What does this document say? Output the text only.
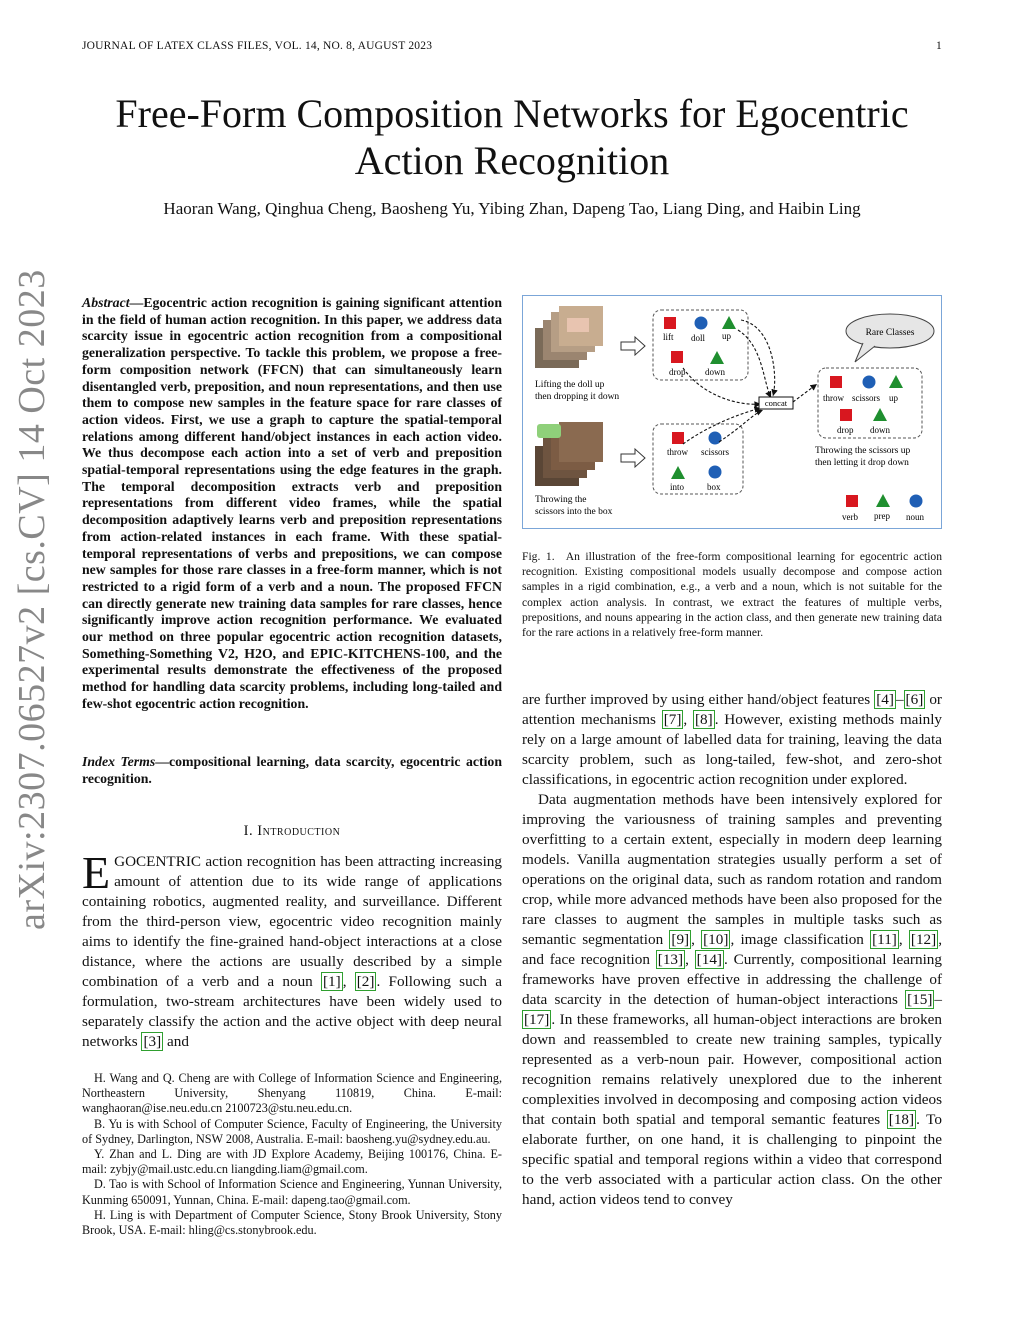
JOURNAL OF LATEX CLASS FILES, VOL. 14, NO. 8, AUGUST 2023	1
Free-Form Composition Networks for Egocentric Action Recognition
Haoran Wang, Qinghua Cheng, Baosheng Yu, Yibing Zhan, Dapeng Tao, Liang Ding, and Haibin Ling
arXiv:2307.06527v2 [cs.CV] 14 Oct 2023 Abstract—Egocentric action recognition is gaining significant attention in the field of human action recognition. In this paper, we address data scarcity issue in egocentric action recognition from a compositional generalization perspective. To tackle this problem, we propose a free-form composition network (FFCN) that can simultaneously learn disentangled verb, preposition, and noun representations, and then use them to compose new samples in the feature space for rare classes of action videos. First, we use a graph to capture the spatial-temporal relations among different hand/object instances in each action video. We thus decompose each action into a set of verb and preposition spatial-temporal representations using the edge features in the graph. The temporal decomposition extracts verb and preposition representations from different video frames, while the spatial decomposition adaptively learns verb and preposition representations from action-related instances in each frame. With these spatial-temporal representations of verbs and prepositions, we can compose new samples for those rare classes in a free-form manner, which is not restricted to a rigid form of a verb and a noun. The proposed FFCN can directly generate new training data samples for rare classes, hence significantly improve action recognition performance. We evaluated our method on three popular egocentric action recognition datasets, Something-Something V2, H2O, and EPIC-KITCHENS-100, and the experimental results demonstrate the effectiveness of the proposed method for handling data scarcity problems, including long-tailed and few-shot egocentric action recognition.
Index Terms—compositional learning, data scarcity, egocentric action recognition.
I. Introduction
EGOCENTRIC action recognition has been attracting increasing amount of attention due to its wide range of applications containing robotics, augmented reality, and surveillance. Different from the third-person view, egocentric video recognition mainly aims to identify the fine-grained hand-object interactions at a close distance, where the actions are usually described by a simple combination of a verb and a noun [1] , [2] . Following such a formulation, two-stream architectures have been widely used to separately classify the action and the active object with deep neural networks [3] and

H. Wang and Q. Cheng are with College of Information Science and Engineering, Northeastern University, Shenyang 110819, China. E-mail: wanghaoran@ise.neu.edu.cn 2100723@stu.neu.edu.cn.

B. Yu is with School of Computer Science, Faculty of Engineering, the University of Sydney, Darlington, NSW 2008, Australia. E-mail: baosheng.yu@sydney.edu.au.

Y. Zhan and L. Ding are with JD Explore Academy, Beijing 100176, China. E-mail: zybjy@mail.ustc.edu.cn liangding.liam@gmail.com.

D. Tao is with School of Information Science and Engineering, Yunnan University, Kunming 650091, Yunnan, China. E-mail: dapeng.tao@gmail.com.

H. Ling is with Department of Computer Science, Stony Brook University, Stony Brook, USA. E-mail: hling@cs.stonybrook.edu.

Lifting the doll up
then dropping it down
Throwing the
scissors into the box
lift doll up
drop down
throw scissors
into	box
concat
Rare Classes
throw scissors up
drop down
Throwing the scissors up
then letting it drop down
verb prep noun
Fig. 1. An illustration of the free-form compositional learning for egocentric action recognition. Existing compositional models usually decompose and compose action samples in a rigid combination, e.g., a verb and a noun, which is not suitable for the complex action analysis. In contrast, we extract the features of multiple verbs, prepositions, and nouns appearing in the action class, and then generate new training data for the rare actions in a relatively free-form manner.

are further improved by using either hand/object features [4] – [6] or attention mechanisms [7] , [8] . However, existing methods mainly rely on a large amount of labelled data for training, leaving the data scarcity problem, such as long-tailed, few-shot, and zero-shot classifications, in egocentric action recognition under explored.

Data augmentation methods have been intensively explored for improving the variousness of training samples and preventing overfitting to a certain extent, especially in modern deep learning models. Vanilla augmentation strategies usually perform a set of operations on the original data, such as random rotation and random crop, while more advanced methods have been also proposed for the rare classes to augment the samples in multiple tasks such as semantic segmentation [9] , [10] , image classification [11] , [12] , and face recognition [13] , [14] . Currently, compositional learning frameworks have proven effective in addressing the challenge of data scarcity in the detection of human-object interactions [15] –[17] . In these frameworks, all human-object interactions are broken down and reassembled to create new training samples, typically represented as a verb-noun pair. However, compositional action recognition remains relatively unexplored due to the inherent complexities involved in decomposing and composing action videos that contain both spatial and temporal semantic features [18] . To elaborate further, on one hand, it is challenging to pinpoint the specific spatial and temporal regions within a video that correspond to the verb associated with a particular action class. On the other hand, action videos tend to convey
